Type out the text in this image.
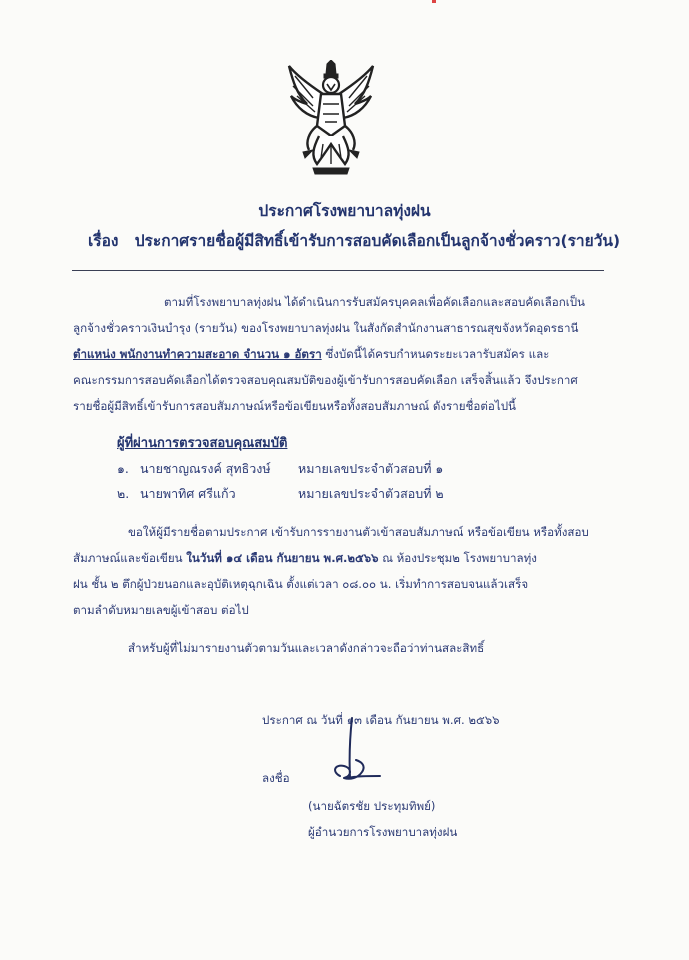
ประกาศโรงพยาบาลทุ่งฝน
เรื่อง ประกาศรายชื่อผู้มีสิทธิ์เข้ารับการสอบคัดเลือกเป็นลูกจ้างชั่วคราว(รายวัน)
ตามที่โรงพยาบาลทุ่งฝน ได้ดำเนินการรับสมัครบุคคลเพื่อคัดเลือกและสอบคัดเลือกเป็น
ลูกจ้างชั่วคราวเงินบำรุง (รายวัน) ของโรงพยาบาลทุ่งฝน ในสังกัดสำนักงานสาธารณสุขจังหวัดอุดรธานี
ตำแหน่ง พนักงานทำความสะอาด จำนวน ๑ อัตรา ซึ่งบัดนี้ได้ครบกำหนดระยะเวลารับสมัคร และ
คณะกรรมการสอบคัดเลือกได้ตรวจสอบคุณสมบัติของผู้เข้ารับการสอบคัดเลือก เสร็จสิ้นแล้ว จึงประกาศ
รายชื่อผู้มีสิทธิ์เข้ารับการสอบสัมภาษณ์หรือข้อเขียนหรือทั้งสอบสัมภาษณ์ ดังรายชื่อต่อไปนี้
ผู้ที่ผ่านการตรวจสอบคุณสมบัติ
๑. นายชาญณรงค์ สุทธิวงษ์ หมายเลขประจำตัวสอบที่ ๑
๒. นายพาทิศ ศรีแก้ว	หมายเลขประจำตัวสอบที่ ๒
ขอให้ผู้มีรายชื่อตามประกาศ เข้ารับการรายงานตัวเข้าสอบสัมภาษณ์ หรือข้อเขียน หรือทั้งสอบ
สัมภาษณ์และข้อเขียน ในวันที่ ๑๔ เดือน กันยายน พ.ศ.๒๕๖๖ ณ ห้องประชุม๒ โรงพยาบาลทุ่ง
ฝน ชั้น ๒ ตึกผู้ป่วยนอกและอุบัติเหตุฉุกเฉิน ตั้งแต่เวลา ๐๘.๐๐ น. เริ่มทำการสอบจนแล้วเสร็จ
ตามลำดับหมายเลขผู้เข้าสอบ ต่อไป
สำหรับผู้ที่ไม่มารายงานตัวตามวันและเวลาดังกล่าวจะถือว่าท่านสละสิทธิ์
ประกาศ ณ วันที่ ๑๓ เดือน กันยายน พ.ศ. ๒๕๖๖
ลงชื่อ
(นายฉัตรชัย ประทุมทิพย์)
ผู้อำนวยการโรงพยาบาลทุ่งฝน
